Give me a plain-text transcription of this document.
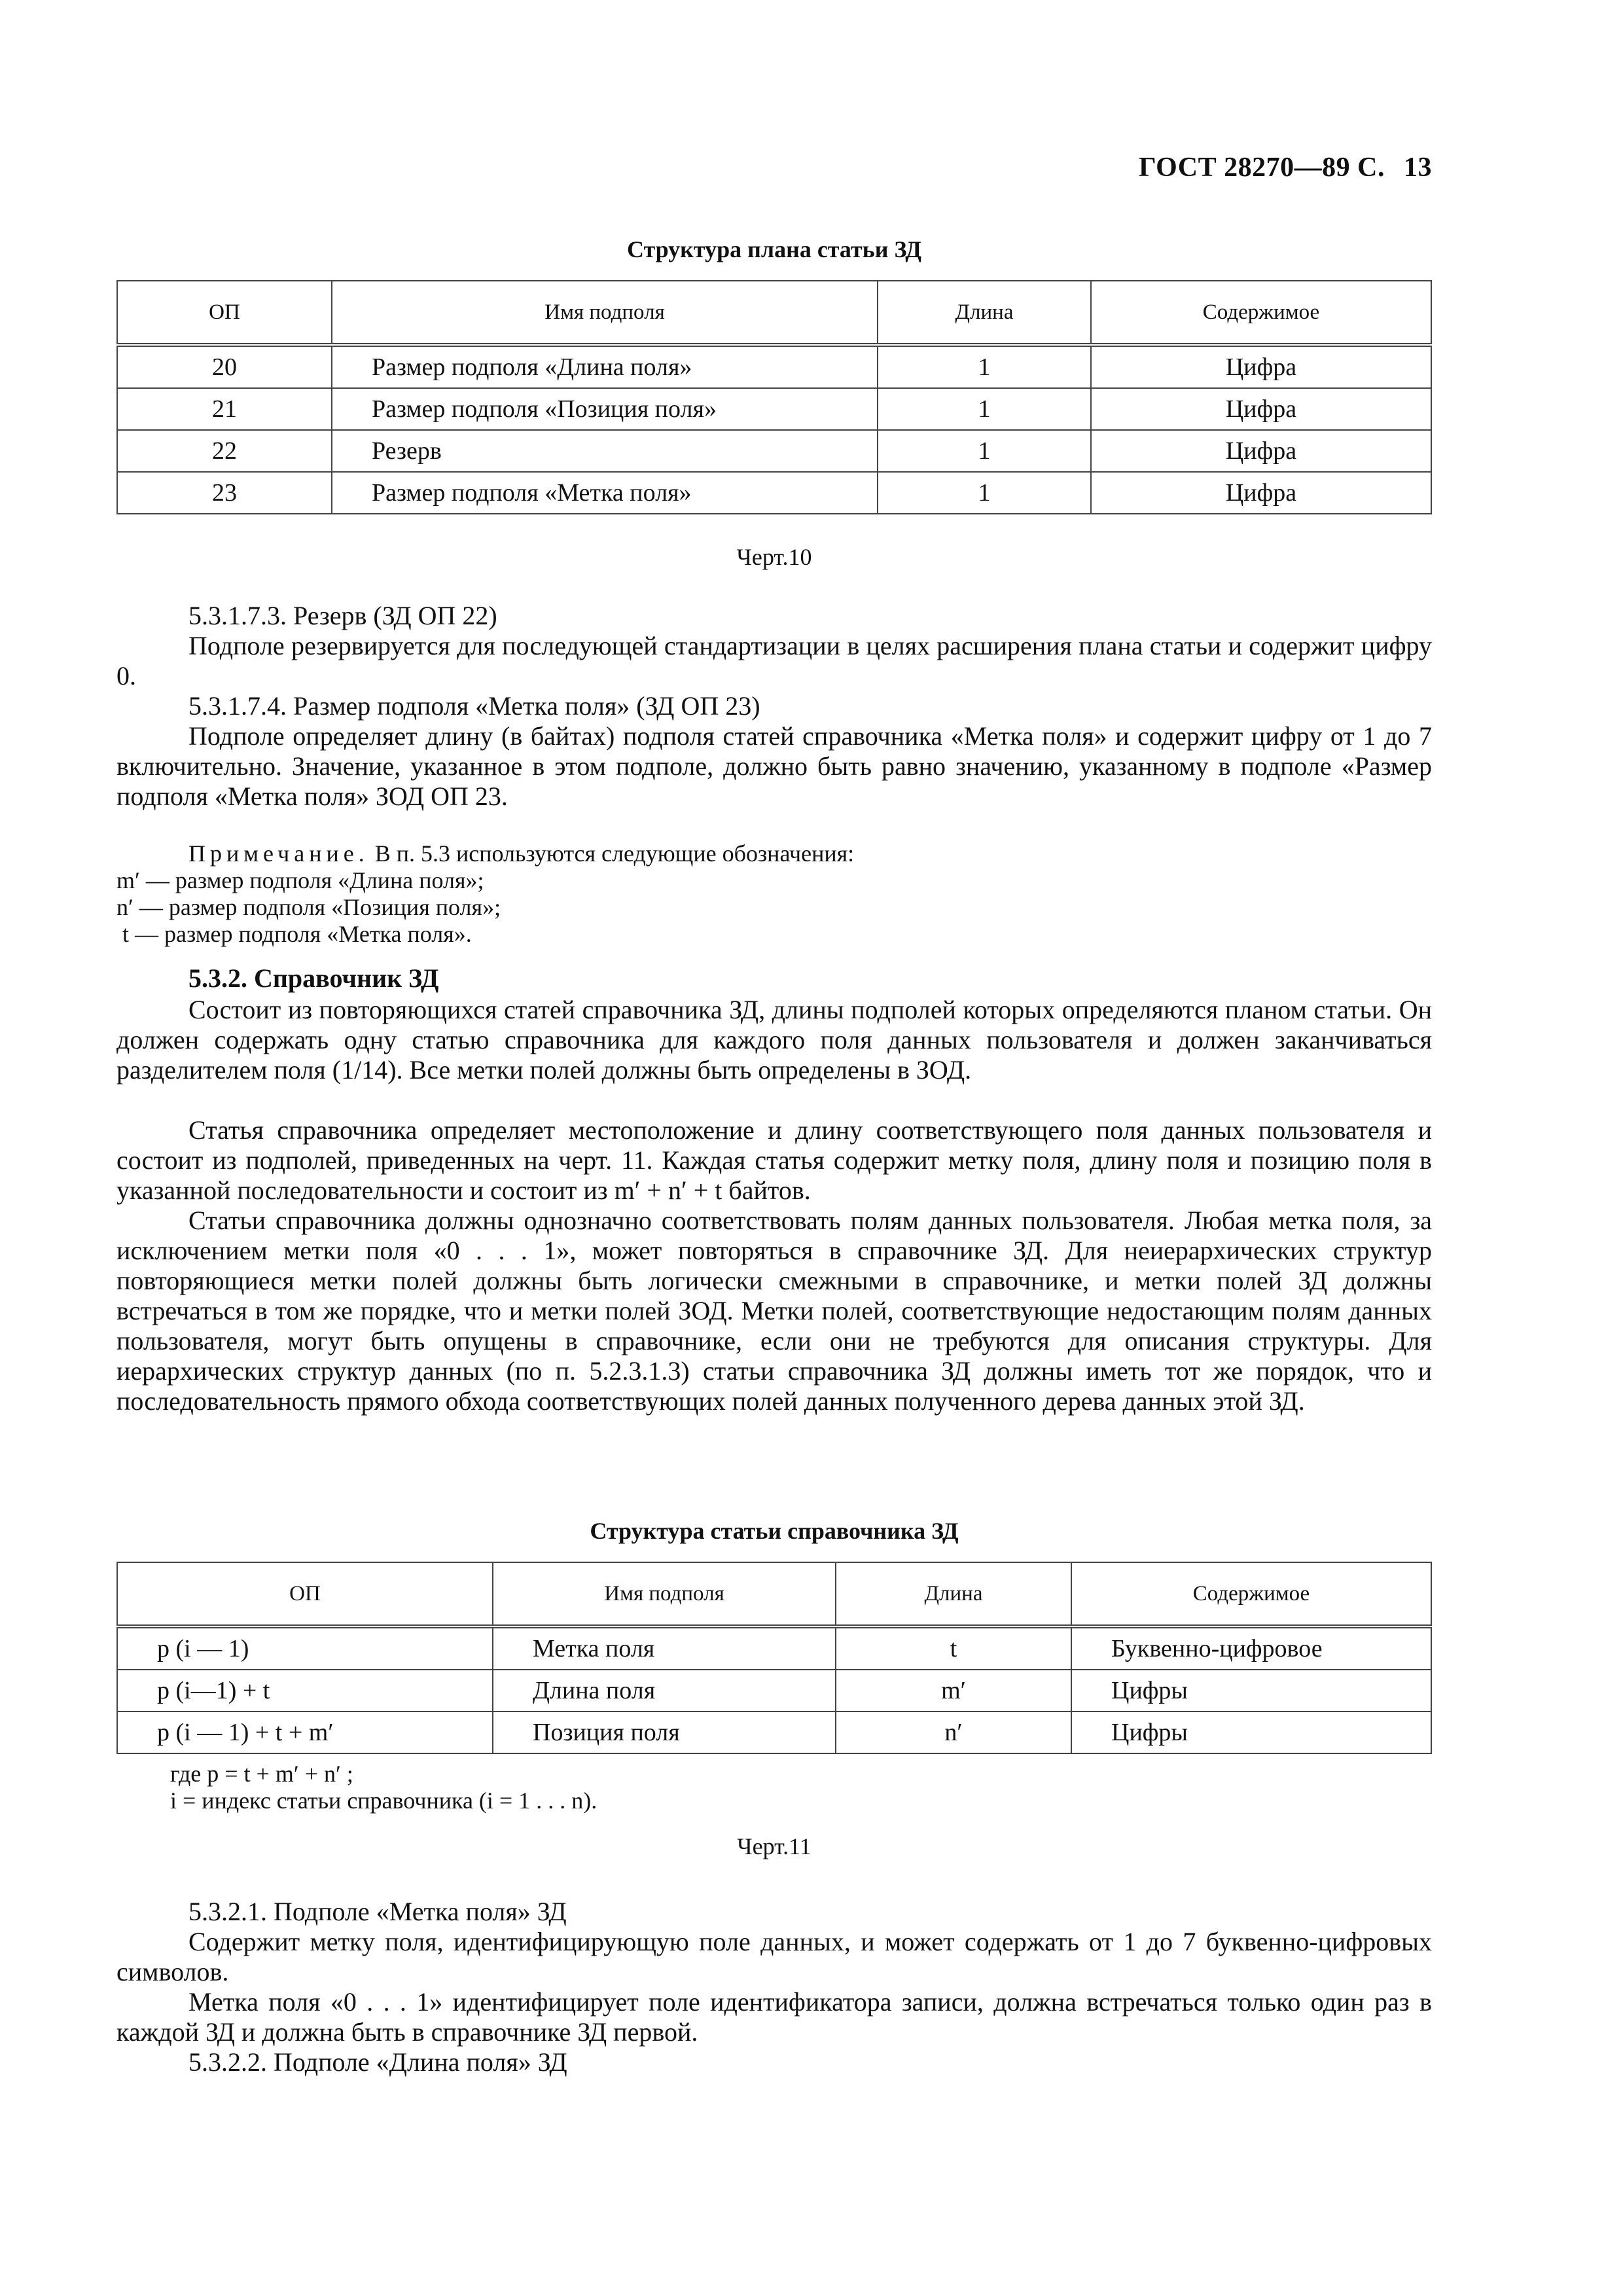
ГОСТ 28270—89 С. 13
Структура плана статьи ЗД
ОП	Имя подполя	Длина	Содержимое
20	Размер подполя «Длина поля»	1	Цифра
21	Размер подполя «Позиция поля»	1	Цифра
22	Резерв	1	Цифра
23	Размер подполя «Метка поля»	1	Цифра
Черт.10

5.3.1.7.3. Резерв (ЗД ОП 22)

Подполе резервируется для последующей стандартизации в целях расширения плана статьи и содержит цифру 0.

5.3.1.7.4. Размер подполя «Метка поля» (ЗД ОП 23)

Подполе определяет длину (в байтах) подполя статей справочника «Метка поля» и содержит цифру от 1 до 7 включительно. Значение, указанное в этом подполе, должно быть равно значению, указанному в подполе «Размер подполя «Метка поля» ЗОД ОП 23.

Примечание. В п. 5.3 используются следующие обозначения:
m′ — размер подполя «Длина поля»;
n′ — размер подполя «Позиция поля»;
t — размер подполя «Метка поля».

5.3.2. Справочник ЗД

Состоит из повторяющихся статей справочника ЗД, длины подполей которых определяются планом статьи. Он должен содержать одну статью справочника для каждого поля данных пользователя и должен заканчиваться разделителем поля (1/14). Все метки полей должны быть определены в ЗОД.

Статья справочника определяет местоположение и длину соответствующего поля данных пользователя и состоит из подполей, приведенных на черт. 11. Каждая статья содержит метку поля, длину поля и позицию поля в указанной последовательности и состоит из m′ + n′ + t байтов.

Статьи справочника должны однозначно соответствовать полям данных пользователя. Любая метка поля, за исключением метки поля «0 . . . 1», может повторяться в справочнике ЗД. Для неиерархических структур повторяющиеся метки полей должны быть логически смежными в справочнике, и метки полей ЗД должны встречаться в том же порядке, что и метки полей ЗОД. Метки полей, соответствующие недостающим полям данных пользователя, могут быть опущены в справочнике, если они не требуются для описания структуры. Для иерархических структур данных (по п. 5.2.3.1.3) статьи справочника ЗД должны иметь тот же порядок, что и последовательность прямого обхода соответствующих полей данных полученного дерева данных этой ЗД.

Структура статьи справочника ЗД
ОП	Имя подполя	Длина	Содержимое
p (i — 1)	Метка поля	t	Буквенно-цифровое
p (i—1) + t	Длина поля	m′	Цифры
p (i — 1) + t + m′	Позиция поля	n′	Цифры
где p = t + m′ + n′ ;
i = индекс статьи справочника (i = 1 . . . n).
Черт.11

5.3.2.1. Подполе «Метка поля» ЗД

Содержит метку поля, идентифицирующую поле данных, и может содержать от 1 до 7 буквенно-цифровых символов.

Метка поля «0 . . . 1» идентифицирует поле идентификатора записи, должна встречаться только один раз в каждой ЗД и должна быть в справочнике ЗД первой.

5.3.2.2. Подполе «Длина поля» ЗД
